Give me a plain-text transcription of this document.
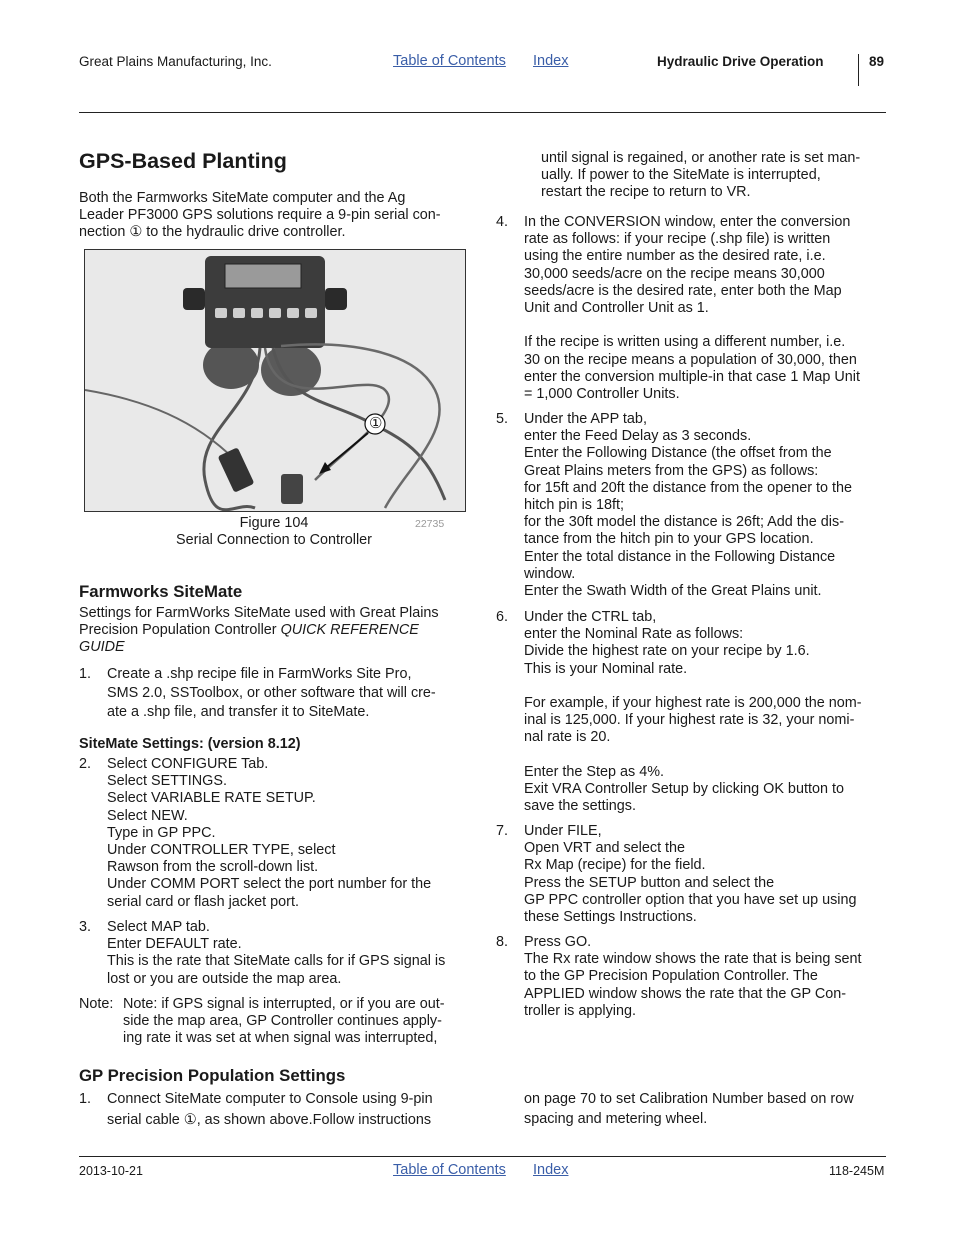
Great Plains Manufacturing, Inc.	Table of Contents Index	Hydraulic Drive Operation	89
GPS-Based Planting
Both the Farmworks SiteMate computer and the Ag
Leader PF3000 GPS solutions require a 9-pin serial con-
nection ① to the hydraulic drive controller.
①
22735
Figure 104
Serial Connection to Controller
Farmworks SiteMate
Settings for FarmWorks SiteMate used with Great Plains
Precision Population Controller QUICK REFERENCE
GUIDE
1. Create a .shp recipe file in FarmWorks Site Pro,
SMS 2.0, SSToolbox, or other software that will cre-
ate a .shp file, and transfer it to SiteMate.
SiteMate Settings: (version 8.12)
2. Select CONFIGURE Tab.
Select SETTINGS.
Select VARIABLE RATE SETUP.
Select NEW.
Type in GP PPC.
Under CONTROLLER TYPE, select
Rawson from the scroll-down list.
Under COMM PORT select the port number for the
serial card or flash jacket port.
3. Select MAP tab.
Enter DEFAULT rate.
This is the rate that SiteMate calls for if GPS signal is
lost or you are outside the map area.
Note: Note: if GPS signal is interrupted, or if you are out-
side the map area, GP Controller continues apply-
ing rate it was set at when signal was interrupted,
GP Precision Population Settings
1. Connect SiteMate computer to Console using 9-pin
serial cable ①, as shown above.Follow instructions
until signal is regained, or another rate is set man-
ually. If power to the SiteMate is interrupted,
restart the recipe to return to VR.
4. In the CONVERSION window, enter the conversion
rate as follows: if your recipe (.shp file) is written
using the entire number as the desired rate, i.e.
30,000 seeds/acre on the recipe means 30,000
seeds/acre is the desired rate, enter both the Map
Unit and Controller Unit as 1.

If the recipe is written using a different number, i.e.
30 on the recipe means a population of 30,000, then
enter the conversion multiple-in that case 1 Map Unit
= 1,000 Controller Units.
5. Under the APP tab,
enter the Feed Delay as 3 seconds.
Enter the Following Distance (the offset from the
Great Plains meters from the GPS) as follows:
for 15ft and 20ft the distance from the opener to the
hitch pin is 18ft;
for the 30ft model the distance is 26ft; Add the dis-
tance from the hitch pin to your GPS location.
Enter the total distance in the Following Distance
window.
Enter the Swath Width of the Great Plains unit.
6. Under the CTRL tab,
enter the Nominal Rate as follows:
Divide the highest rate on your recipe by 1.6.
This is your Nominal rate.

For example, if your highest rate is 200,000 the nom-
inal is 125,000. If your highest rate is 32, your nomi-
nal rate is 20.

Enter the Step as 4%.
Exit VRA Controller Setup by clicking OK button to
save the settings.
7. Under FILE,
Open VRT and select the
Rx Map (recipe) for the field.
Press the SETUP button and select the
GP PPC controller option that you have set up using
these Settings Instructions.
8. Press GO.
The Rx rate window shows the rate that is being sent
to the GP Precision Population Controller. The
APPLIED window shows the rate that the GP Con-
troller is applying.
on page 70 to set Calibration Number based on row
spacing and metering wheel.
2013-10-21	Table of Contents Index	118-245M
